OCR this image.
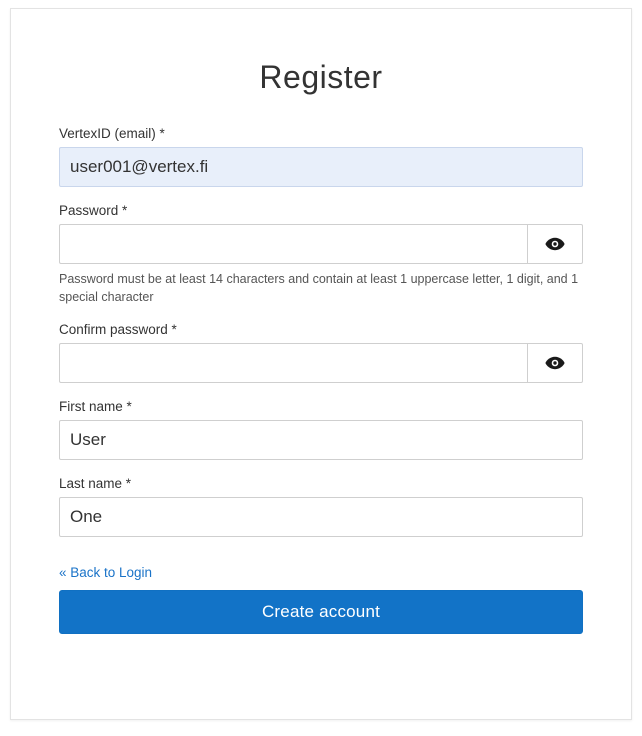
Register
VertexID (email) *
user001@vertex.fi
Password *
Password must be at least 14 characters and contain at least 1 uppercase letter, 1 digit, and 1 special character
Confirm password *
First name *
User
Last name *
One
« Back to Login
Create account
